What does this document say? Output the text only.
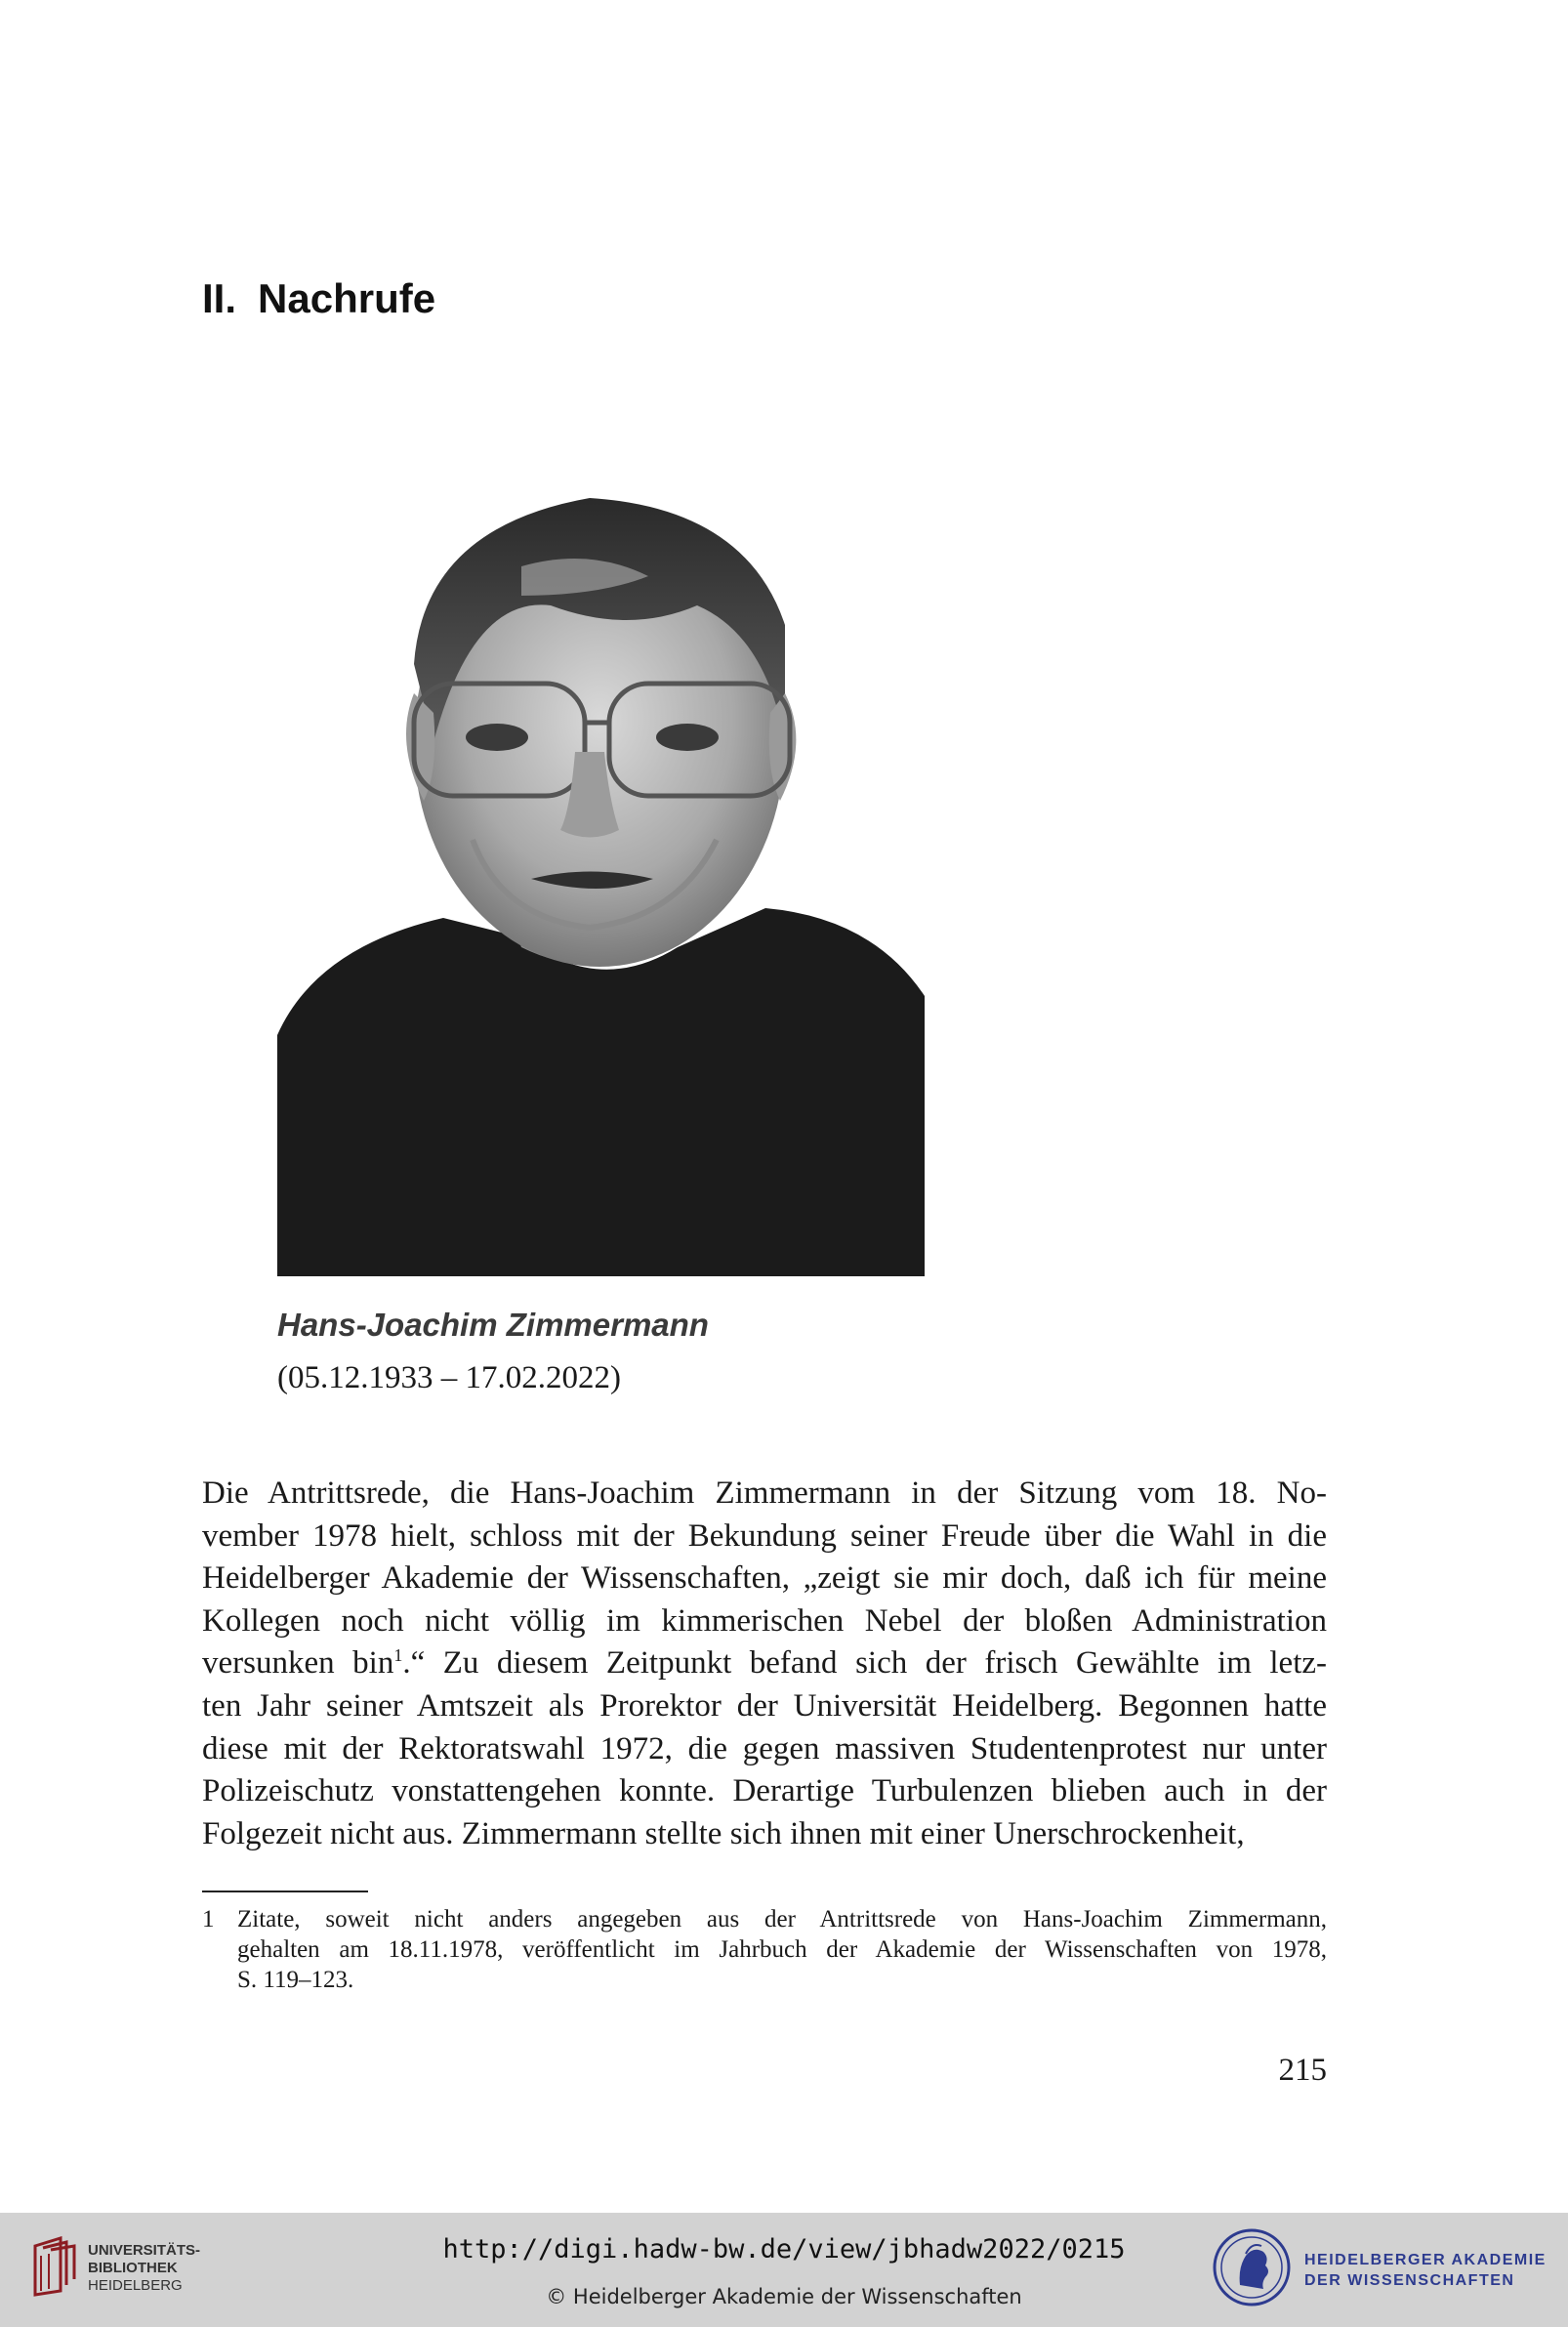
II. Nachrufe
Hans-Joachim Zimmermann
(05.12.1933 – 17.02.2022)
Die Antrittsrede, die Hans-Joachim Zimmermann in der Sitzung vom 18. No-
vember 1978 hielt, schloss mit der Bekundung seiner Freude über die Wahl in die
Heidelberger Akademie der Wissenschaften, „zeigt sie mir doch, daß ich für meine
Kollegen noch nicht völlig im kimmerischen Nebel der bloßen Administration
versunken bin$^1$.“ Zu diesem Zeitpunkt befand sich der frisch Gewählte im letz-
ten Jahr seiner Amtszeit als Prorektor der Universität Heidelberg. Begonnen hatte
diese mit der Rektoratswahl 1972, die gegen massiven Studentenprotest nur unter
Polizeischutz vonstattengehen konnte. Derartige Turbulenzen blieben auch in der
Folgezeit nicht aus. Zimmermann stellte sich ihnen mit einer Unerschrockenheit,
1 Zitate, soweit nicht anders angegeben aus der Antrittsrede von Hans-Joachim Zimmermann,
gehalten am 18.11.1978, veröffentlicht im Jahrbuch der Akademie der Wissenschaften von 1978,
S. 119–123.
215
UNIVERSITÄTS-
BIBLIOTHEK
HEIDELBERG
http://digi.hadw-bw.de/view/jbhadw2022/0215
© Heidelberger Akademie der Wissenschaften
HEIDELBERGER AKADEMIE
DER WISSENSCHAFTEN
